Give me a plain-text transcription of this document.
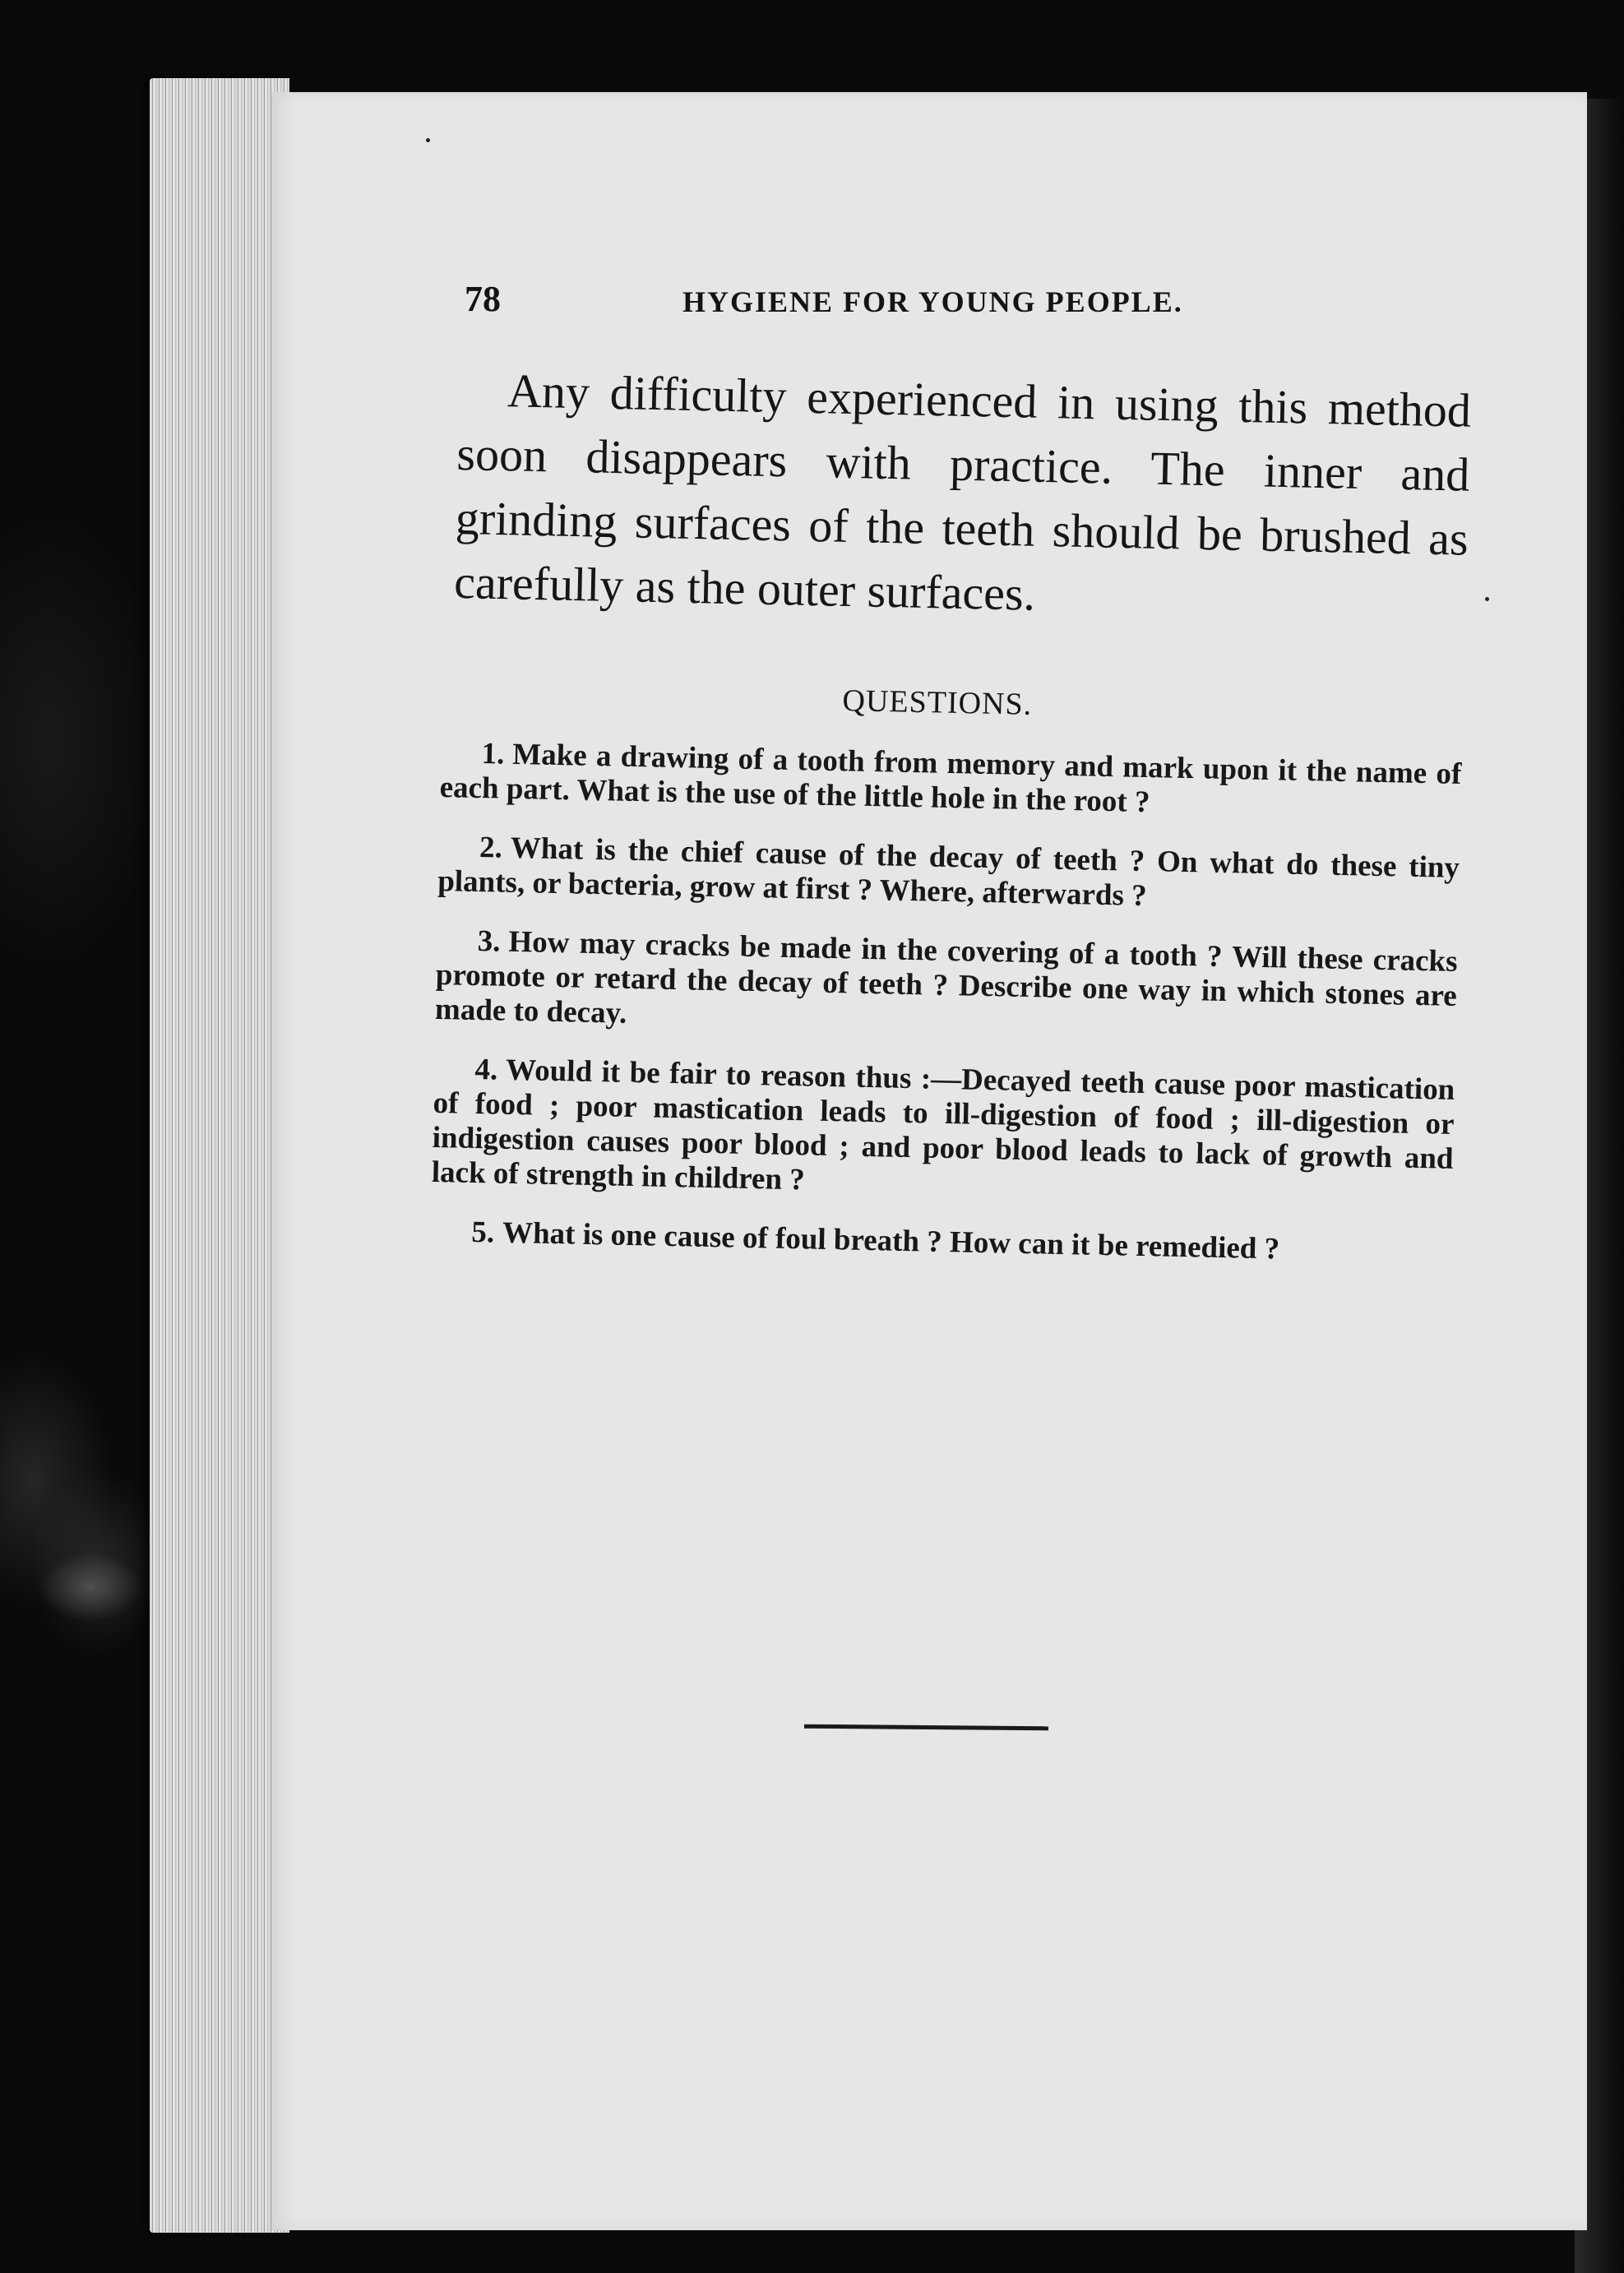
78	HYGIENE FOR YOUNG PEOPLE.

Any difficulty experienced in using this method soon disappears with practice. The inner and grinding surfaces of the teeth should be brushed as carefully as the outer surfaces.

QUESTIONS.
1. Make a drawing of a tooth from memory and mark upon it the name of each part. What is the use of the little hole in the root ?
2. What is the chief cause of the decay of teeth ? On what do these tiny plants, or bacteria, grow at first ? Where, afterwards ?
3. How may cracks be made in the covering of a tooth ? Will these cracks promote or retard the decay of teeth ? Describe one way in which stones are made to decay.
4. Would it be fair to reason thus :—Decayed teeth cause poor mastication of food ; poor mastication leads to ill-digestion of food ; ill-digestion or indigestion causes poor blood ; and poor blood leads to lack of growth and lack of strength in children ?
5. What is one cause of foul breath ? How can it be remedied ?
